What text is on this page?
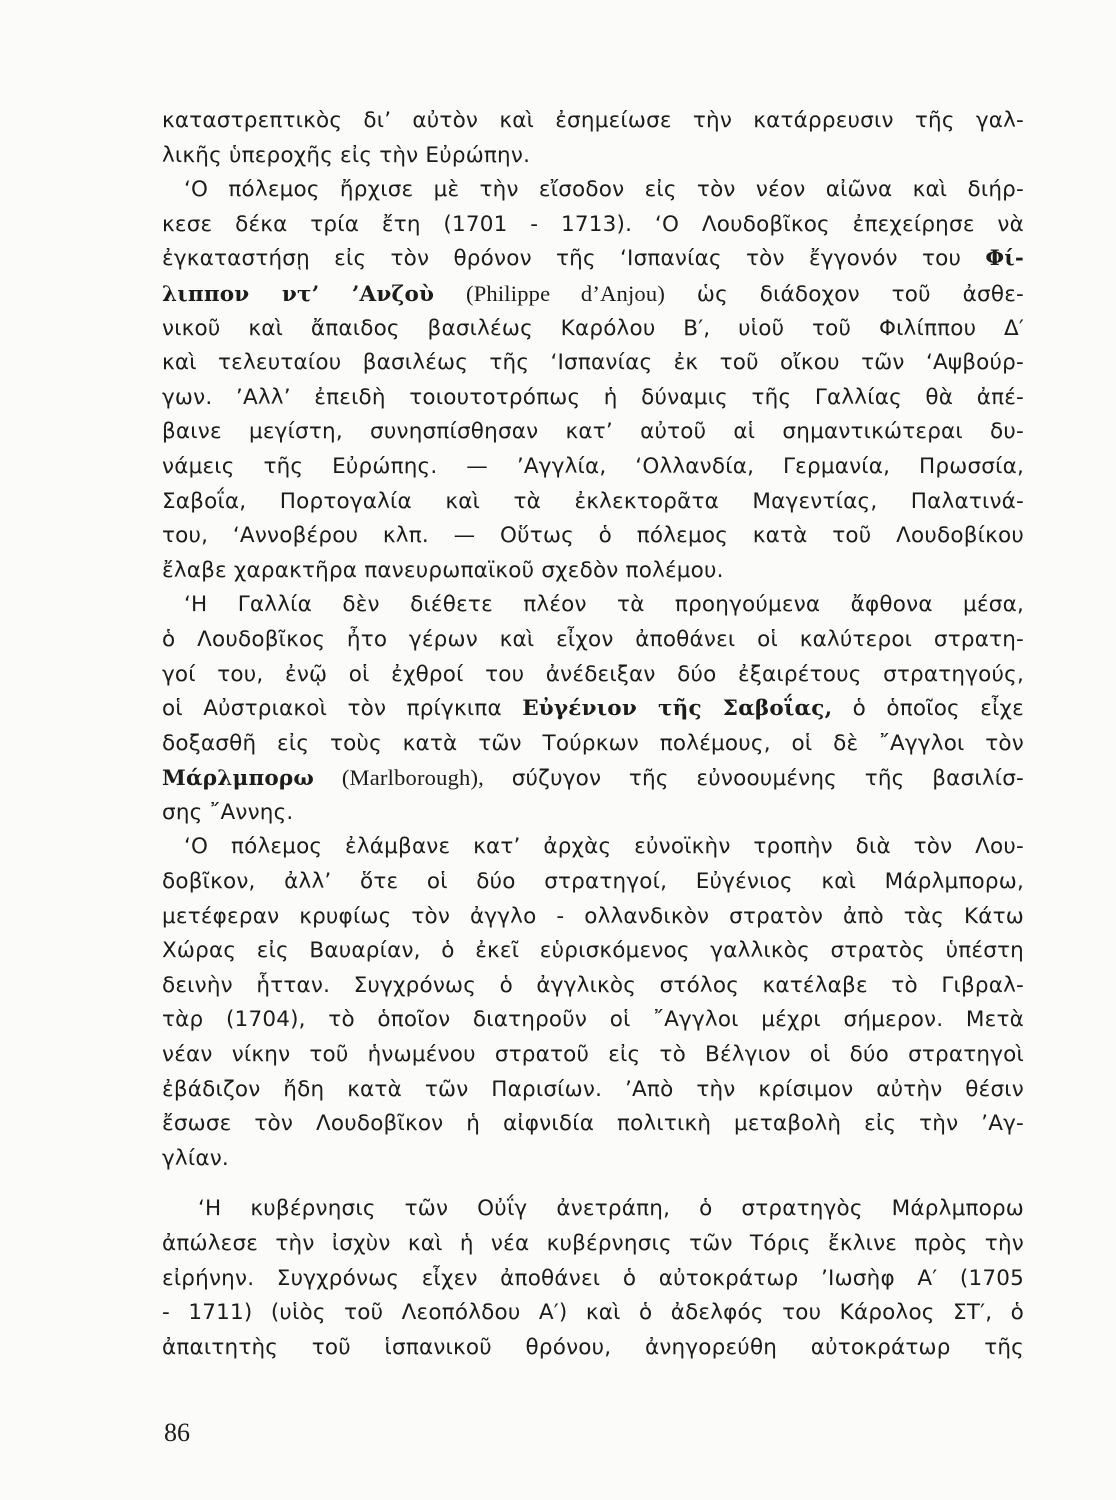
καταστρεπτικὸς δι’ αὐτὸν καὶ ἐσημείωσε τὴν κατάρρευσιν τῆς γαλ-
λικῆς ὑπεροχῆς εἰς τὴν Εὐρώπην.
‘Ο πόλεμος ἤρχισε μὲ τὴν εἴσοδον εἰς τὸν νέον αἰῶνα καὶ διήρ-
κεσε δέκα τρία ἔτη (1701 - 1713). ‘Ο Λουδοβῖκος ἐπεχείρησε νὰ
ἐγκαταστήσῃ εἰς τὸν θρόνον τῆς ‘Ισπανίας τὸν ἔγγονόν του Φί-
λιππον ντ’ ’Ανζοὺ (Philippe d’Anjou) ὡς διάδοχον τοῦ ἀσθε-
νικοῦ καὶ ἄπαιδος βασιλέως Καρόλου Β′, υἱοῦ τοῦ Φιλίππου Δ′
καὶ τελευταίου βασιλέως τῆς ‘Ισπανίας ἐκ τοῦ οἴκου τῶν ‘Αψβούρ-
γων. ’Αλλ’ ἐπειδὴ τοιουτοτρόπως ἡ δύναμις τῆς Γαλλίας θὰ ἀπέ-
βαινε μεγίστη, συνησπίσθησαν κατ’ αὐτοῦ αἱ σημαντικώτεραι δυ-
νάμεις τῆς Εὐρώπης. — ’Αγγλία, ‘Ολλανδία, Γερμανία, Πρωσσία,
Σαβοΐα, Πορτογαλία καὶ τὰ ἐκλεκτορᾶτα Μαγεντίας, Παλατινά-
του, ‘Αννοβέρου κλπ. — Οὕτως ὁ πόλεμος κατὰ τοῦ Λουδοβίκου
ἔλαβε χαρακτῆρα πανευρωπαϊκοῦ σχεδὸν πολέμου.
‘Η Γαλλία δὲν διέθετε πλέον τὰ προηγούμενα ἄφθονα μέσα,
ὁ Λουδοβῖκος ἦτο γέρων καὶ εἶχον ἀποθάνει οἱ καλύτεροι στρατη-
γοί του, ἐνῷ οἱ ἐχθροί του ἀνέδειξαν δύο ἐξαιρέτους στρατηγούς,
οἱ Αὐστριακοὶ τὸν πρίγκιπα Εὐγένιον τῆς Σαβοΐας, ὁ ὁποῖος εἶχε
δοξασθῆ εἰς τοὺς κατὰ τῶν Τούρκων πολέμους, οἱ δὲ ῎Αγγλοι τὸν
Μάρλμπορω (Marlborough), σύζυγον τῆς εὐνοουμένης τῆς βασιλίσ-
σης ῎Αννης.
‘Ο πόλεμος ἐλάμβανε κατ’ ἀρχὰς εὐνοϊκὴν τροπὴν διὰ τὸν Λου-
δοβῖκον, ἀλλ’ ὅτε οἱ δύο στρατηγοί, Εὐγένιος καὶ Μάρλμπορω,
μετέφεραν κρυφίως τὸν ἀγγλο - ολλανδικὸν στρατὸν ἀπὸ τὰς Κάτω
Χώρας εἰς Βαυαρίαν, ὁ ἐκεῖ εὑρισκόμενος γαλλικὸς στρατὸς ὑπέστη
δεινὴν ἧτταν. Συγχρόνως ὁ ἀγγλικὸς στόλος κατέλαβε τὸ Γιβραλ-
τὰρ (1704), τὸ ὁποῖον διατηροῦν οἱ ῎Αγγλοι μέχρι σήμερον. Μετὰ
νέαν νίκην τοῦ ἡνωμένου στρατοῦ εἰς τὸ Βέλγιον οἱ δύο στρατηγοὶ
ἐβάδιζον ἤδη κατὰ τῶν Παρισίων. ’Απὸ τὴν κρίσιμον αὐτὴν θέσιν
ἔσωσε τὸν Λουδοβῖκον ἡ αἰφνιδία πολιτικὴ μεταβολὴ εἰς τὴν ’Αγ-
γλίαν.
‘Η κυβέρνησις τῶν Οὐΐγ ἀνετράπη, ὁ στρατηγὸς Μάρλμπορω
ἀπώλεσε τὴν ἰσχὺν καὶ ἡ νέα κυβέρνησις τῶν Τόρις ἔκλινε πρὸς τὴν
εἰρήνην. Συγχρόνως εἶχεν ἀποθάνει ὁ αὐτοκράτωρ ’Ιωσὴφ Α′ (1705
- 1711) (υἱὸς τοῦ Λεοπόλδου Α′) καὶ ὁ ἀδελφός του Κάρολος ΣΤ′, ὁ
ἀπαιτητὴς τοῦ ἱσπανικοῦ θρόνου, ἀνηγορεύθη αὐτοκράτωρ τῆς
86
